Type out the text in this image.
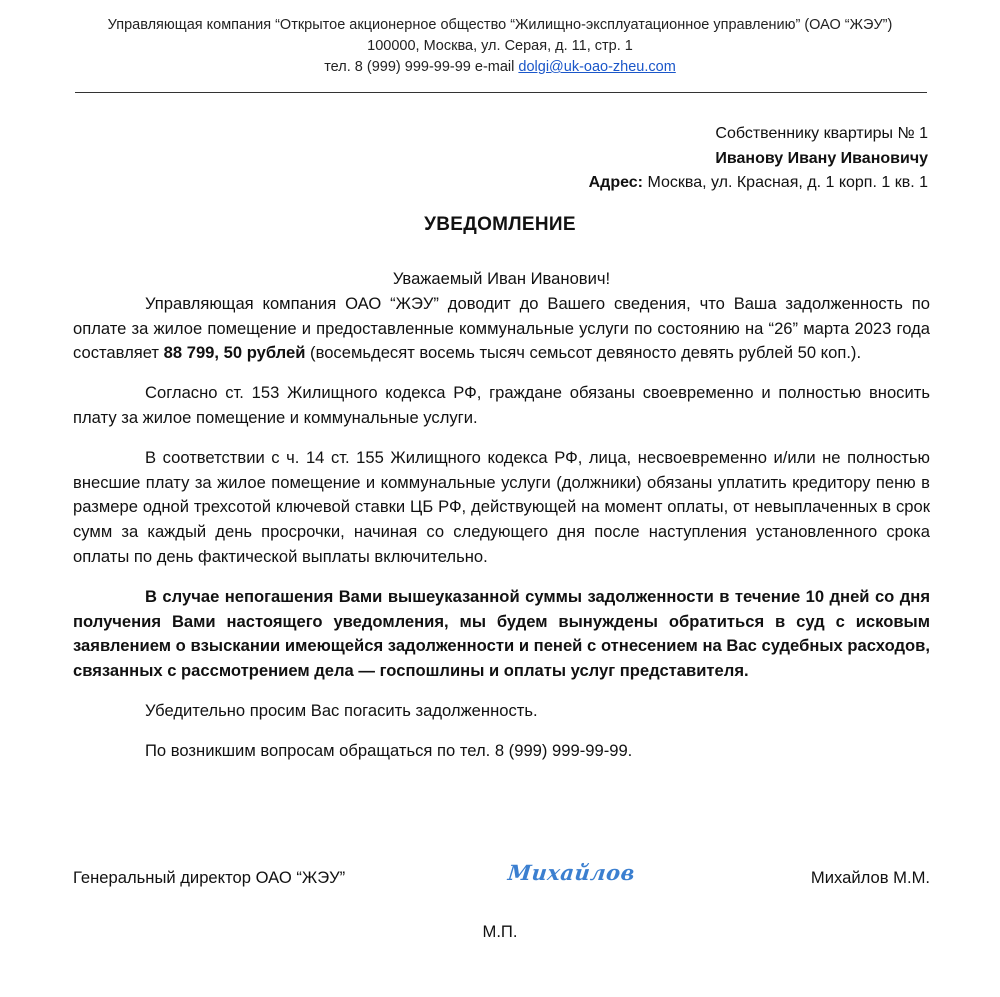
Управляющая компания “Открытое акционерное общество “Жилищно-эксплуатационное управлению” (ОАО “ЖЭУ”)
100000, Москва, ул. Серая, д. 11, стр. 1
тел. 8 (999) 999-99-99 e-mail dolgi@uk-oao-zheu.com
Собственнику квартиры № 1
Иванову Ивану Ивановичу
Адрес: Москва, ул. Красная, д. 1 корп. 1 кв. 1
УВЕДОМЛЕНИЕ

Уважаемый Иван Иванович!

Управляющая компания ОАО “ЖЭУ” доводит до Вашего сведения, что Ваша задолженность по оплате за жилое помещение и предоставленные коммунальные услуги по состоянию на “26” марта 2023 года составляет 88 799, 50 рублей (восемьдесят восемь тысяч семьсот девяносто девять рублей 50 коп.).

Согласно ст. 153 Жилищного кодекса РФ, граждане обязаны своевременно и полностью вносить плату за жилое помещение и коммунальные услуги.

В соответствии с ч. 14 ст. 155 Жилищного кодекса РФ, лица, несвоевременно и/или не полностью внесшие плату за жилое помещение и коммунальные услуги (должники) обязаны уплатить кредитору пеню в размере одной трехсотой ключевой ставки ЦБ РФ, действующей на момент оплаты, от невыплаченных в срок сумм за каждый день просрочки, начиная со следующего дня после наступления установленного срока оплаты по день фактической выплаты включительно.

В случае непогашения Вами вышеуказанной суммы задолженности в течение 10 дней со дня получения Вами настоящего уведомления, мы будем вынуждены обратиться в суд с исковым заявлением о взыскании имеющейся задолженности и пеней с отнесением на Вас судебных расходов, связанных с рассмотрением дела — госпошлины и оплаты услуг представителя.

Убедительно просим Вас погасить задолженность.

По возникшим вопросам обращаться по тел. 8 (999) 999-99-99.

Генеральный директор ОАО “ЖЭУ”	Михайлов	Михайлов М.М.
М.П.
